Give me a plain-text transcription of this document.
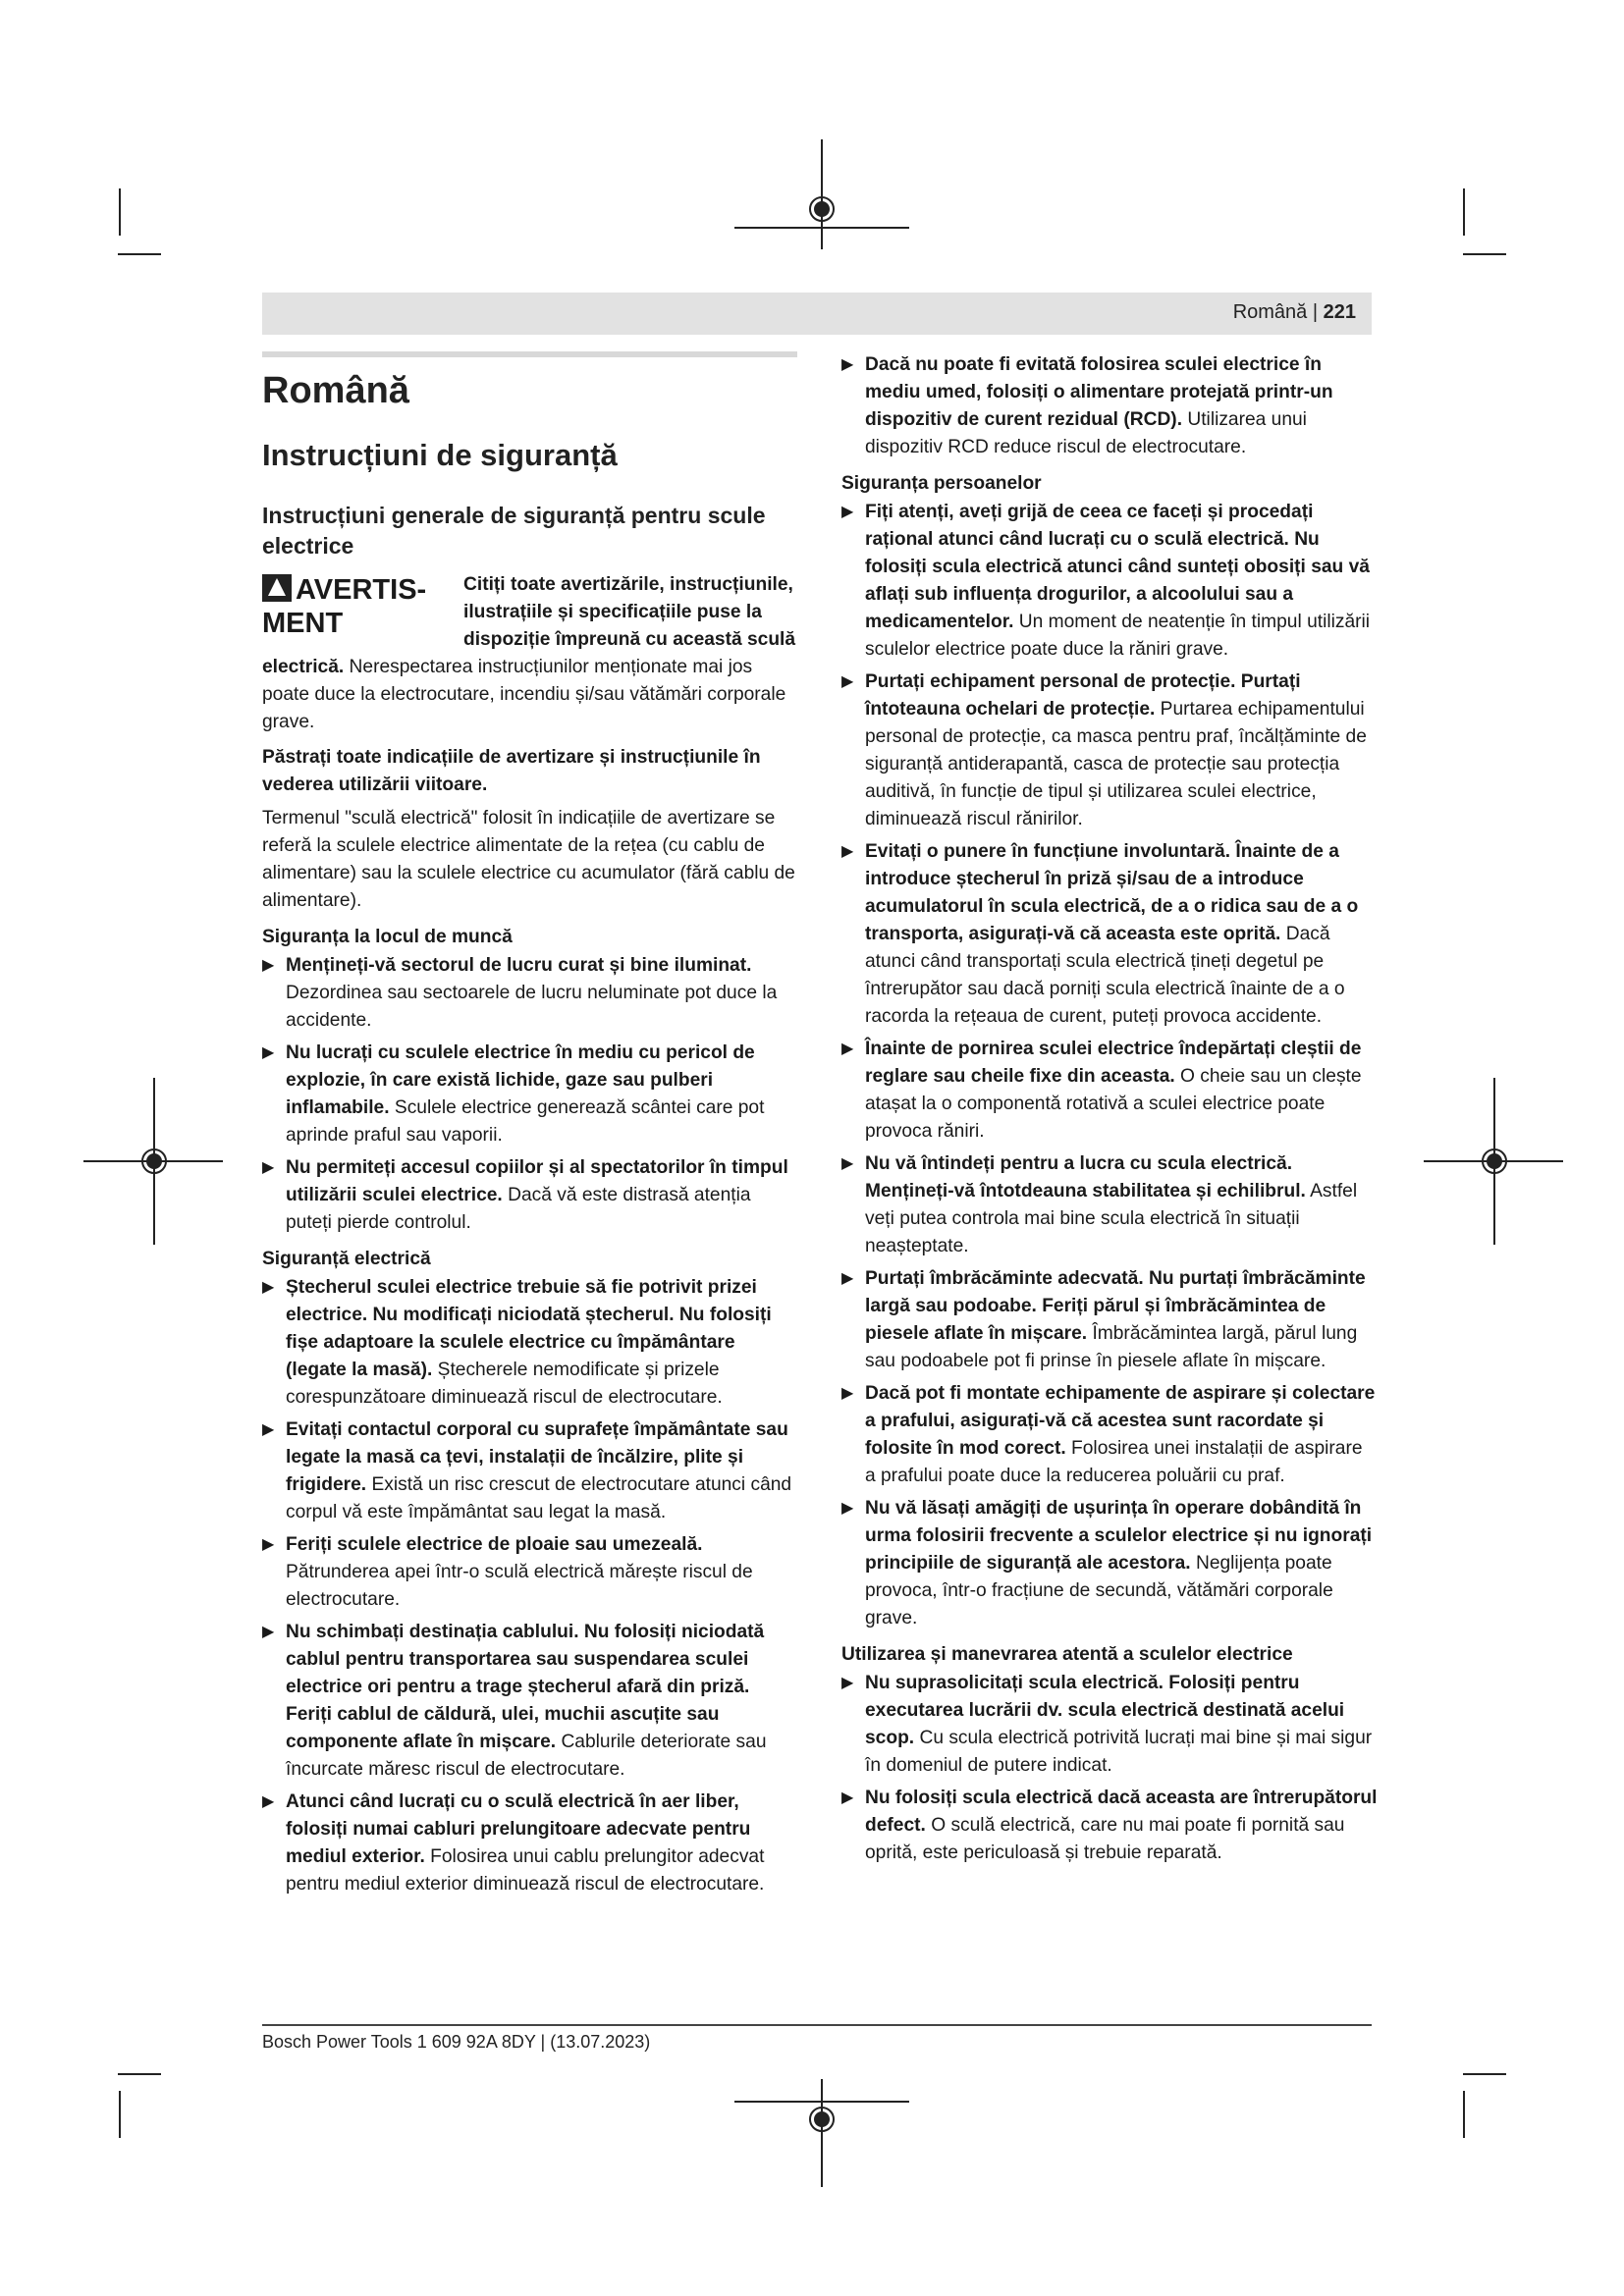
Română | 221
Română
Instrucțiuni de siguranță
Instrucțiuni generale de siguranță pentru scule electrice
!AVERTIS-
MENT

Citiți toate avertizările, instrucțiunile, ilustrațiile și specificațiile puse la dispoziție împreună cu această sculă electrică. Nerespectarea instrucțiunilor menționate mai jos poate duce la electrocutare, incendiu și/sau vătămări corporale grave.

Păstrați toate indicațiile de avertizare și instrucțiunile în vederea utilizării viitoare.

Termenul "sculă electrică" folosit în indicațiile de avertizare se referă la sculele electrice alimentate de la rețea (cu cablu de alimentare) sau la sculele electrice cu acumulator (fără cablu de alimentare).

Siguranța la locul de muncă
▶ Mențineți-vă sectorul de lucru curat și bine iluminat. Dezordinea sau sectoarele de lucru neluminate pot duce la accidente.
▶ Nu lucrați cu sculele electrice în mediu cu pericol de explozie, în care există lichide, gaze sau pulberi inflamabile. Sculele electrice generează scântei care pot aprinde praful sau vaporii.
▶ Nu permiteți accesul copiilor și al spectatorilor în timpul utilizării sculei electrice. Dacă vă este distrasă atenția puteți pierde controlul.
Siguranță electrică
▶ Ștecherul sculei electrice trebuie să fie potrivit prizei electrice. Nu modificați niciodată ștecherul. Nu folosiți fișe adaptoare la sculele electrice cu împământare (legate la masă). Ștecherele nemodificate și prizele corespunzătoare diminuează riscul de electrocutare.
▶ Evitați contactul corporal cu suprafețe împământate sau legate la masă ca țevi, instalații de încălzire, plite și frigidere. Există un risc crescut de electrocutare atunci când corpul vă este împământat sau legat la masă.
▶ Feriți sculele electrice de ploaie sau umezeală. Pătrunderea apei într-o sculă electrică mărește riscul de electrocutare.
▶ Nu schimbați destinația cablului. Nu folosiți niciodată cablul pentru transportarea sau suspendarea sculei electrice ori pentru a trage ștecherul afară din priză. Feriți cablul de căldură, ulei, muchii ascuțite sau componente aflate în mișcare. Cablurile deteriorate sau încurcate măresc riscul de electrocutare.
▶ Atunci când lucrați cu o sculă electrică în aer liber, folosiți numai cabluri prelungitoare adecvate pentru mediul exterior. Folosirea unui cablu prelungitor adecvat pentru mediul exterior diminuează riscul de electrocutare.
▶ Dacă nu poate fi evitată folosirea sculei electrice în mediu umed, folosiți o alimentare protejată printr-un dispozitiv de curent rezidual (RCD). Utilizarea unui dispozitiv RCD reduce riscul de electrocutare.
Siguranța persoanelor
▶ Fiți atenți, aveți grijă de ceea ce faceți și procedați rațional atunci când lucrați cu o sculă electrică. Nu folosiți scula electrică atunci când sunteți obosiți sau vă aflați sub influența drogurilor, a alcoolului sau a medicamentelor. Un moment de neatenție în timpul utilizării sculelor electrice poate duce la răniri grave.
▶ Purtați echipament personal de protecție. Purtați întoteauna ochelari de protecție. Purtarea echipamentului personal de protecție, ca masca pentru praf, încălțăminte de siguranță antiderapantă, casca de protecție sau protecția auditivă, în funcție de tipul și utilizarea sculei electrice, diminuează riscul rănirilor.
▶ Evitați o punere în funcțiune involuntară. Înainte de a introduce ștecherul în priză și/sau de a introduce acumulatorul în scula electrică, de a o ridica sau de a o transporta, asigurați-vă că aceasta este oprită. Dacă atunci când transportați scula electrică țineți degetul pe întrerupător sau dacă porniți scula electrică înainte de a o racorda la rețeaua de curent, puteți provoca accidente.
▶ Înainte de pornirea sculei electrice îndepărtați cleștii de reglare sau cheile fixe din aceasta. O cheie sau un clește atașat la o componentă rotativă a sculei electrice poate provoca răniri.
▶ Nu vă întindeți pentru a lucra cu scula electrică. Mențineți-vă întotdeauna stabilitatea și echilibrul. Astfel veți putea controla mai bine scula electrică în situații neașteptate.
▶ Purtați îmbrăcăminte adecvată. Nu purtați îmbrăcăminte largă sau podoabe. Feriți părul și îmbrăcămintea de piesele aflate în mișcare. Îmbrăcămintea largă, părul lung sau podoabele pot fi prinse în piesele aflate în mișcare.
▶ Dacă pot fi montate echipamente de aspirare și colectare a prafului, asigurați-vă că acestea sunt racordate și folosite în mod corect. Folosirea unei instalații de aspirare a prafului poate duce la reducerea poluării cu praf.
▶ Nu vă lăsați amăgiți de ușurința în operare dobândită în urma folosirii frecvente a sculelor electrice și nu ignorați principiile de siguranță ale acestora. Neglijența poate provoca, într-o fracțiune de secundă, vătămări corporale grave.
Utilizarea și manevrarea atentă a sculelor electrice
▶ Nu suprasolicitați scula electrică. Folosiți pentru executarea lucrării dv. scula electrică destinată acelui scop. Cu scula electrică potrivită lucrați mai bine și mai sigur în domeniul de putere indicat.
▶ Nu folosiți scula electrică dacă aceasta are întrerupătorul defect. O sculă electrică, care nu mai poate fi pornită sau oprită, este periculoasă și trebuie reparată.
Bosch Power Tools 1 609 92A 8DY | (13.07.2023)
